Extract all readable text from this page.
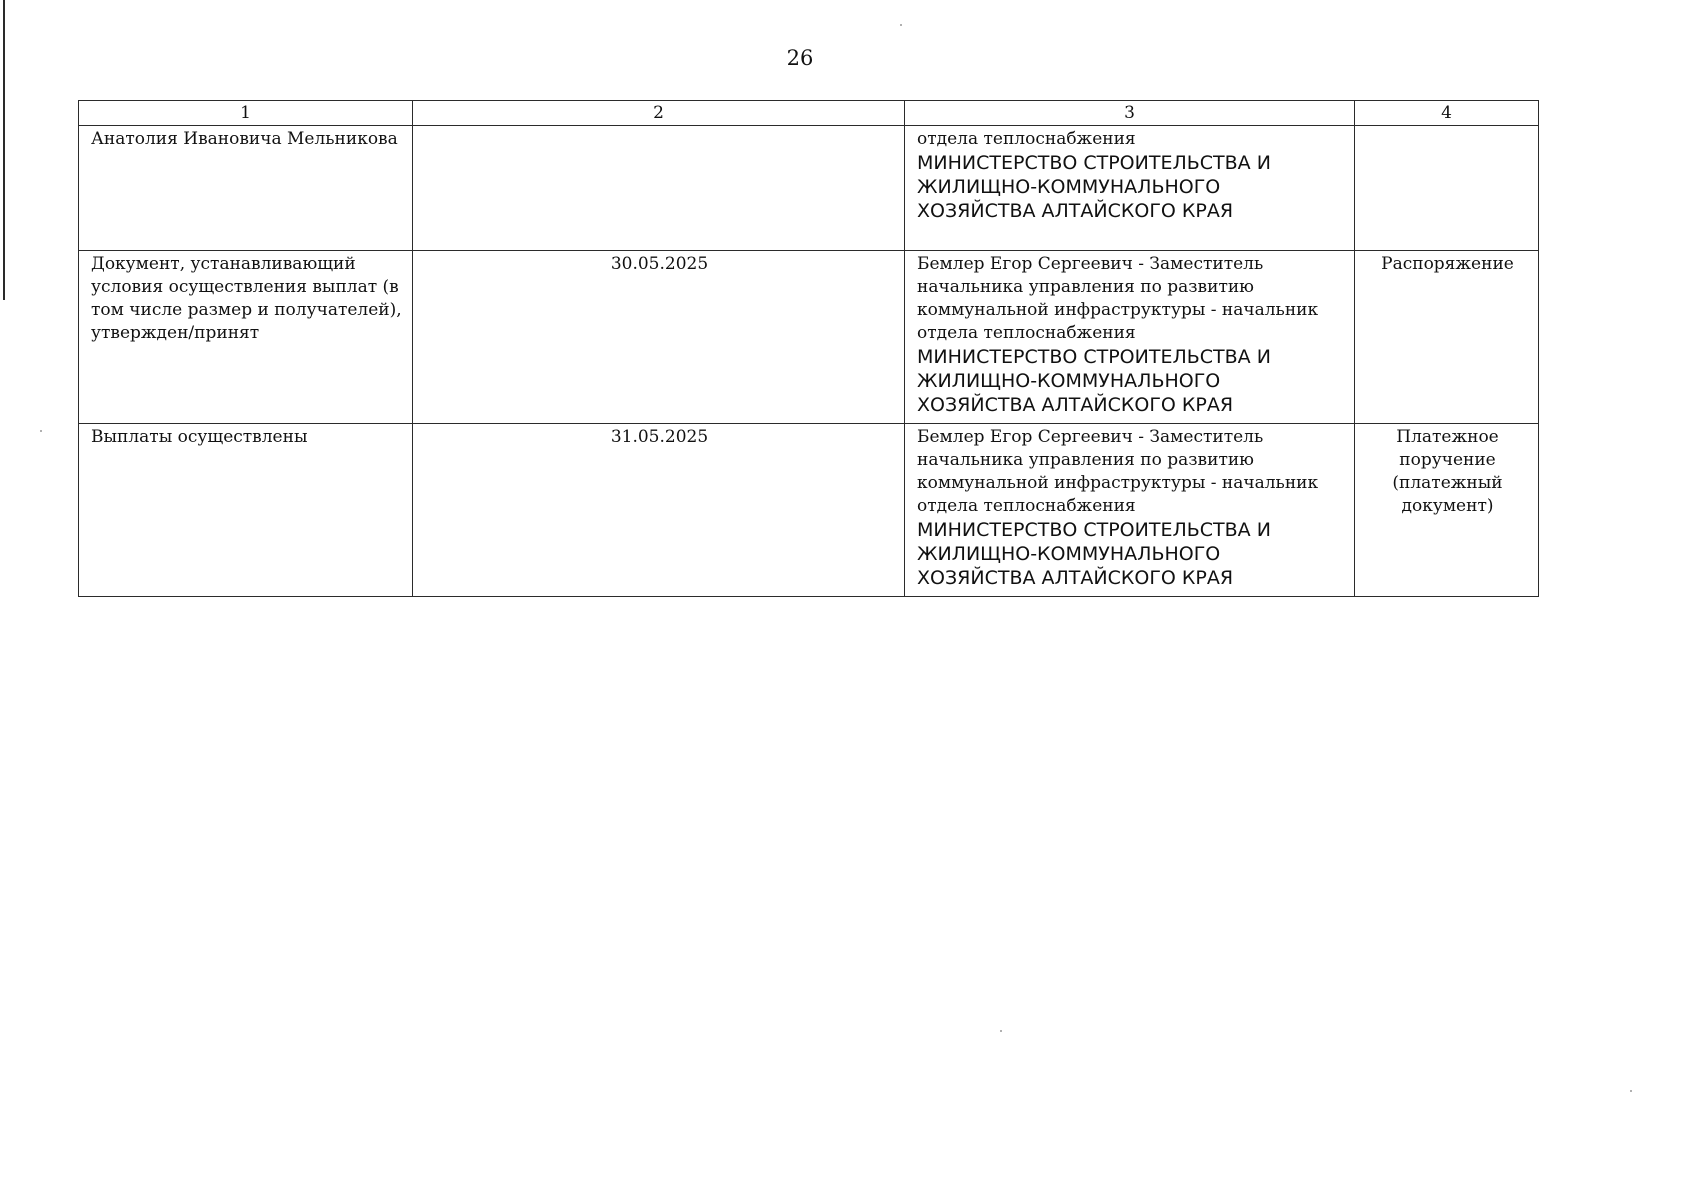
26
1	2	3	4
Анатолия Ивановича Мельникова		отдела теплоснабжения
МИНИСТЕРСТВО СТРОИТЕЛЬСТВА И ЖИЛИЩНО-КОММУНАЛЬНОГО ХОЗЯЙСТВА АЛТАЙСКОГО КРАЯ	

Документ, устанавливающий условия осуществления выплат (в том числе размер и получателей), утвержден/принят	30.05.2025	Бемлер Егор Сергеевич - Заместитель начальника управления по развитию коммунальной инфраструктуры - начальник отдела теплоснабжения
МИНИСТЕРСТВО СТРОИТЕЛЬСТВА И ЖИЛИЩНО-КОММУНАЛЬНОГО ХОЗЯЙСТВА АЛТАЙСКОГО КРАЯ	Распоряжение
Выплаты осуществлены	31.05.2025	Бемлер Егор Сергеевич - Заместитель начальника управления по развитию коммунальной инфраструктуры - начальник отдела теплоснабжения
МИНИСТЕРСТВО СТРОИТЕЛЬСТВА И ЖИЛИЩНО-КОММУНАЛЬНОГО ХОЗЯЙСТВА АЛТАЙСКОГО КРАЯ	Платежное поручение (платежный документ)
